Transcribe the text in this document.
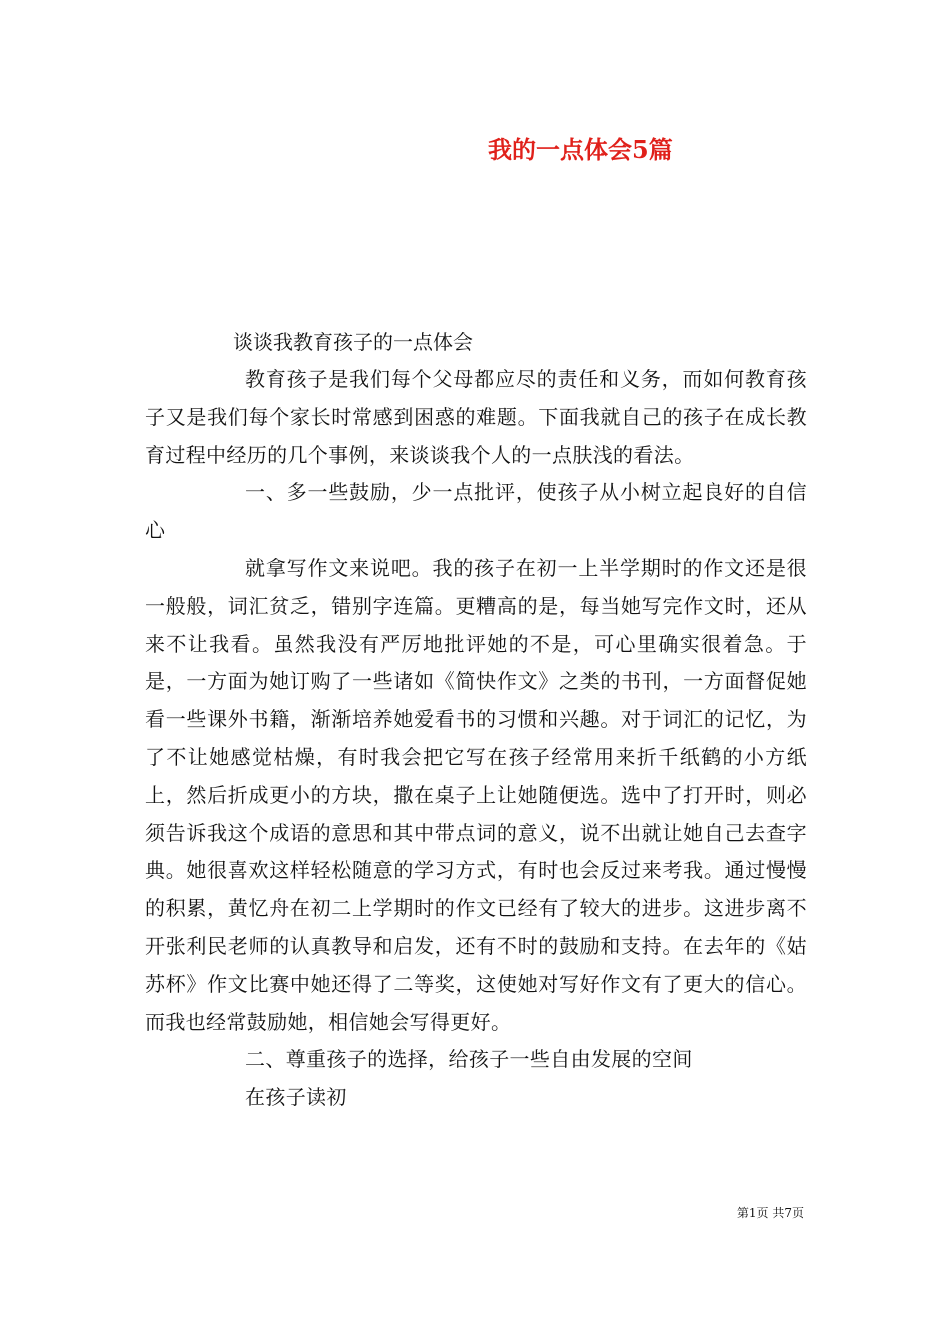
我的一点体会5篇
谈谈我教育孩子的一点体会

教育孩子是我们每个父母都应尽的责任和义务，而如何教育孩子又是我们每个家长时常感到困惑的难题。下面我就自己的孩子在成长教育过程中经历的几个事例，来谈谈我个人的一点肤浅的看法。

一、多一些鼓励，少一点批评，使孩子从小树立起良好的自信心

就拿写作文来说吧。我的孩子在初一上半学期时的作文还是很一般般，词汇贫乏，错别字连篇。更糟高的是，每当她写完作文时，还从来不让我看。虽然我没有严厉地批评她的不是，可心里确实很着急。于是，一方面为她订购了一些诸如《简快作文》之类的书刊，一方面督促她看一些课外书籍，渐渐培养她爱看书的习惯和兴趣。对于词汇的记忆，为了不让她感觉枯燥，有时我会把它写在孩子经常用来折千纸鹤的小方纸上，然后折成更小的方块，撒在桌子上让她随便选。选中了打开时，则必须告诉我这个成语的意思和其中带点词的意义，说不出就让她自己去查字典。她很喜欢这样轻松随意的学习方式，有时也会反过来考我。通过慢慢的积累，黄忆舟在初二上学期时的作文已经有了较大的进步。这进步离不开张利民老师的认真教导和启发，还有不时的鼓励和支持。在去年的《姑苏杯》作文比赛中她还得了二等奖，这使她对写好作文有了更大的信心。而我也经常鼓励她，相信她会写得更好。

二、尊重孩子的选择，给孩子一些自由发展的空间

在孩子读初

第1页 共7页
